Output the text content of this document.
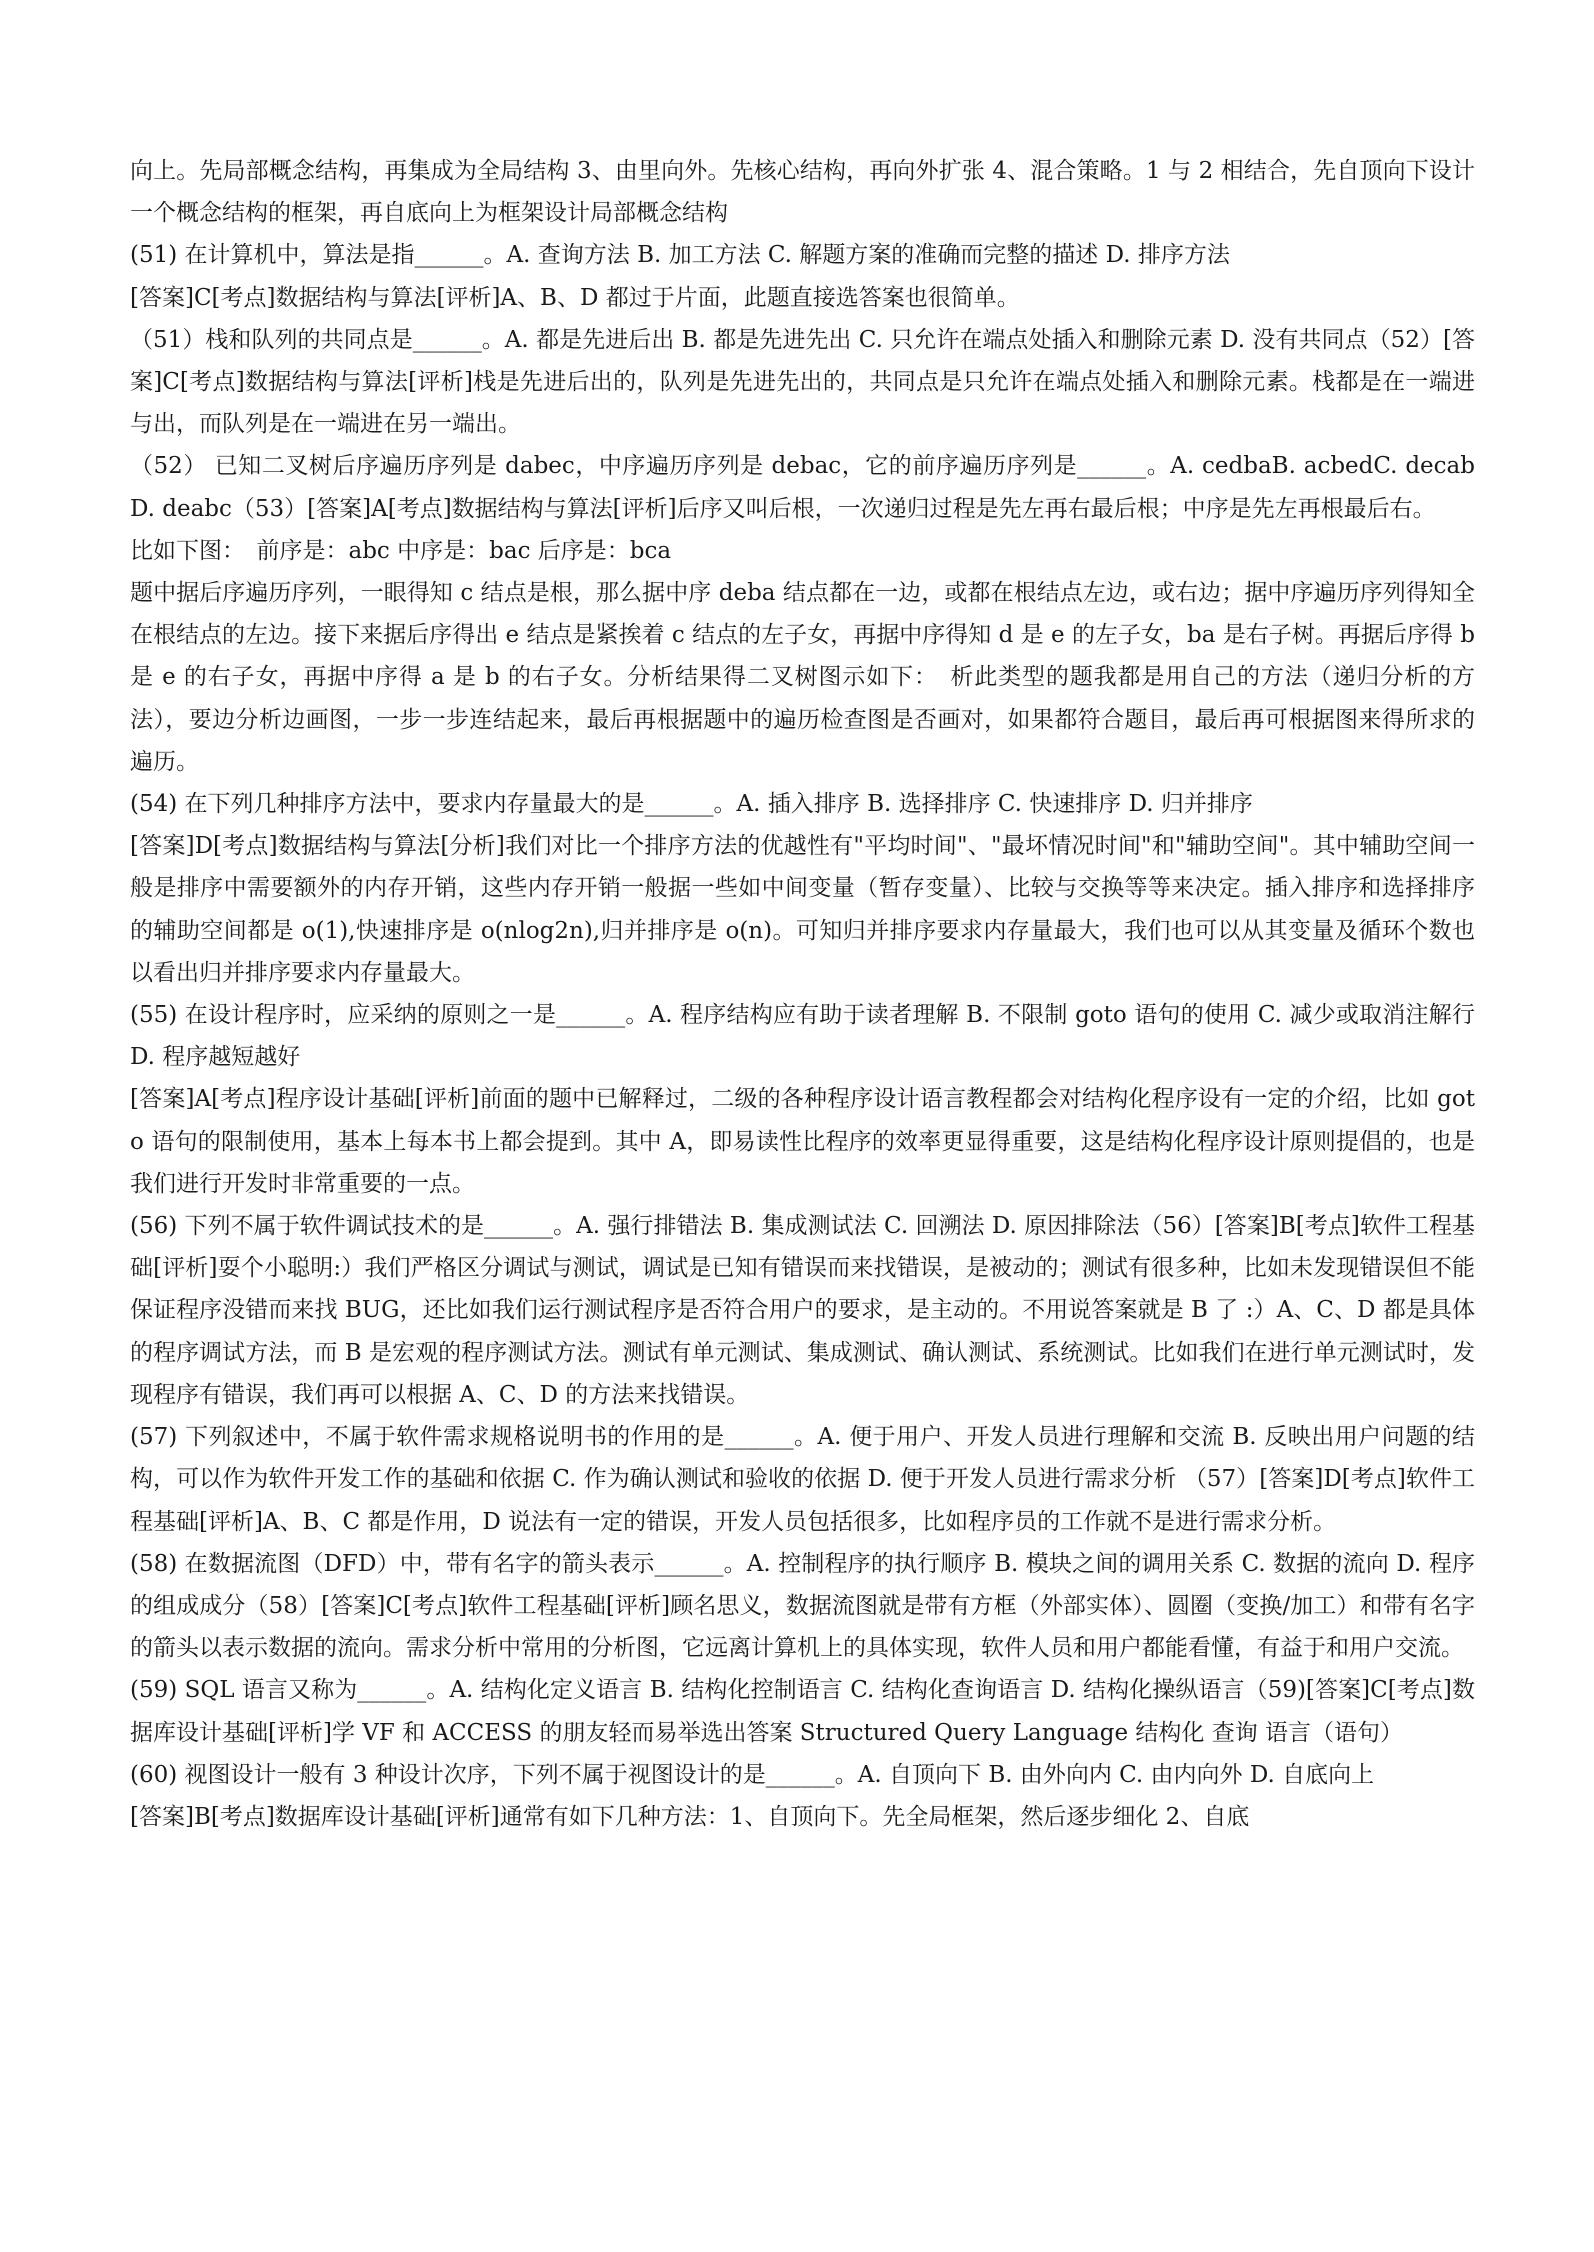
向上。先局部概念结构，再集成为全局结构 3、由里向外。先核心结构，再向外扩张 4、混合策略。1 与 2 相结合，先自顶向下设计一个概念结构的框架，再自底向上为框架设计局部概念结构

(51) 在计算机中，算法是指______。A. 查询方法 B. 加工方法 C. 解题方案的准确而完整的描述 D. 排序方法

[答案]C[考点]数据结构与算法[评析]A、B、D 都过于片面，此题直接选答案也很简单。

（51）栈和队列的共同点是______。A. 都是先进后出 B. 都是先进先出 C. 只允许在端点处插入和删除元素 D. 没有共同点（52）[答案]C[考点]数据结构与算法[评析]栈是先进后出的，队列是先进先出的，共同点是只允许在端点处插入和删除元素。栈都是在一端进与出，而队列是在一端进在另一端出。

（52） 已知二叉树后序遍历序列是 dabec，中序遍历序列是 debac，它的前序遍历序列是______。A. cedbaB. acbedC. decabD. deabc（53）[答案]A[考点]数据结构与算法[评析]后序又叫后根，一次递归过程是先左再右最后根；中序是先左再根最后右。

比如下图：　前序是：abc 中序是：bac 后序是：bca

题中据后序遍历序列，一眼得知 c 结点是根，那么据中序 deba 结点都在一边，或都在根结点左边，或右边；据中序遍历序列得知全在根结点的左边。接下来据后序得出 e 结点是紧挨着 c 结点的左子女，再据中序得知 d 是 e 的左子女，ba 是右子树。再据后序得 b 是 e 的右子女，再据中序得 a 是 b 的右子女。分析结果得二叉树图示如下：　析此类型的题我都是用自己的方法（递归分析的方法），要边分析边画图，一步一步连结起来，最后再根据题中的遍历检查图是否画对，如果都符合题目，最后再可根据图来得所求的遍历。

(54) 在下列几种排序方法中，要求内存量最大的是______。A. 插入排序 B. 选择排序 C. 快速排序 D. 归并排序

[答案]D[考点]数据结构与算法[分析]我们对比一个排序方法的优越性有"平均时间"、"最坏情况时间"和"辅助空间"。其中辅助空间一般是排序中需要额外的内存开销，这些内存开销一般据一些如中间变量（暂存变量）、比较与交换等等来决定。插入排序和选择排序的辅助空间都是 o(1),快速排序是 o(nlog2n),归并排序是 o(n)。可知归并排序要求内存量最大，我们也可以从其变量及循环个数也以看出归并排序要求内存量最大。

(55) 在设计程序时，应采纳的原则之一是______。A. 程序结构应有助于读者理解 B. 不限制 goto 语句的使用 C. 减少或取消注解行 D. 程序越短越好

[答案]A[考点]程序设计基础[评析]前面的题中已解释过，二级的各种程序设计语言教程都会对结构化程序设有一定的介绍，比如 goto 语句的限制使用，基本上每本书上都会提到。其中 A，即易读性比程序的效率更显得重要，这是结构化程序设计原则提倡的，也是我们进行开发时非常重要的一点。

(56) 下列不属于软件调试技术的是______。A. 强行排错法 B. 集成测试法 C. 回溯法 D. 原因排除法（56）[答案]B[考点]软件工程基础[评析]耍个小聪明:）我们严格区分调试与测试，调试是已知有错误而来找错误，是被动的；测试有很多种，比如未发现错误但不能保证程序没错而来找 BUG，还比如我们运行测试程序是否符合用户的要求，是主动的。不用说答案就是 B 了 :）A、C、D 都是具体的程序调试方法，而 B 是宏观的程序测试方法。测试有单元测试、集成测试、确认测试、系统测试。比如我们在进行单元测试时，发现程序有错误，我们再可以根据 A、C、D 的方法来找错误。

(57) 下列叙述中，不属于软件需求规格说明书的作用的是______。A. 便于用户、开发人员进行理解和交流 B. 反映出用户问题的结构，可以作为软件开发工作的基础和依据 C. 作为确认测试和验收的依据 D. 便于开发人员进行需求分析 （57）[答案]D[考点]软件工程基础[评析]A、B、C 都是作用，D 说法有一定的错误，开发人员包括很多，比如程序员的工作就不是进行需求分析。

(58) 在数据流图（DFD）中，带有名字的箭头表示______。A. 控制程序的执行顺序 B. 模块之间的调用关系 C. 数据的流向 D. 程序的组成成分（58）[答案]C[考点]软件工程基础[评析]顾名思义，数据流图就是带有方框（外部实体）、圆圈（变换/加工）和带有名字的箭头以表示数据的流向。需求分析中常用的分析图，它远离计算机上的具体实现，软件人员和用户都能看懂，有益于和用户交流。

(59) SQL 语言又称为______。A. 结构化定义语言 B. 结构化控制语言 C. 结构化查询语言 D. 结构化操纵语言（59)[答案]C[考点]数据库设计基础[评析]学 VF 和 ACCESS 的朋友轻而易举选出答案 Structured Query Language 结构化 查询 语言（语句）

(60) 视图设计一般有 3 种设计次序，下列不属于视图设计的是______。A. 自顶向下 B. 由外向内 C. 由内向外 D. 自底向上

[答案]B[考点]数据库设计基础[评析]通常有如下几种方法：1、自顶向下。先全局框架，然后逐步细化 2、自底
